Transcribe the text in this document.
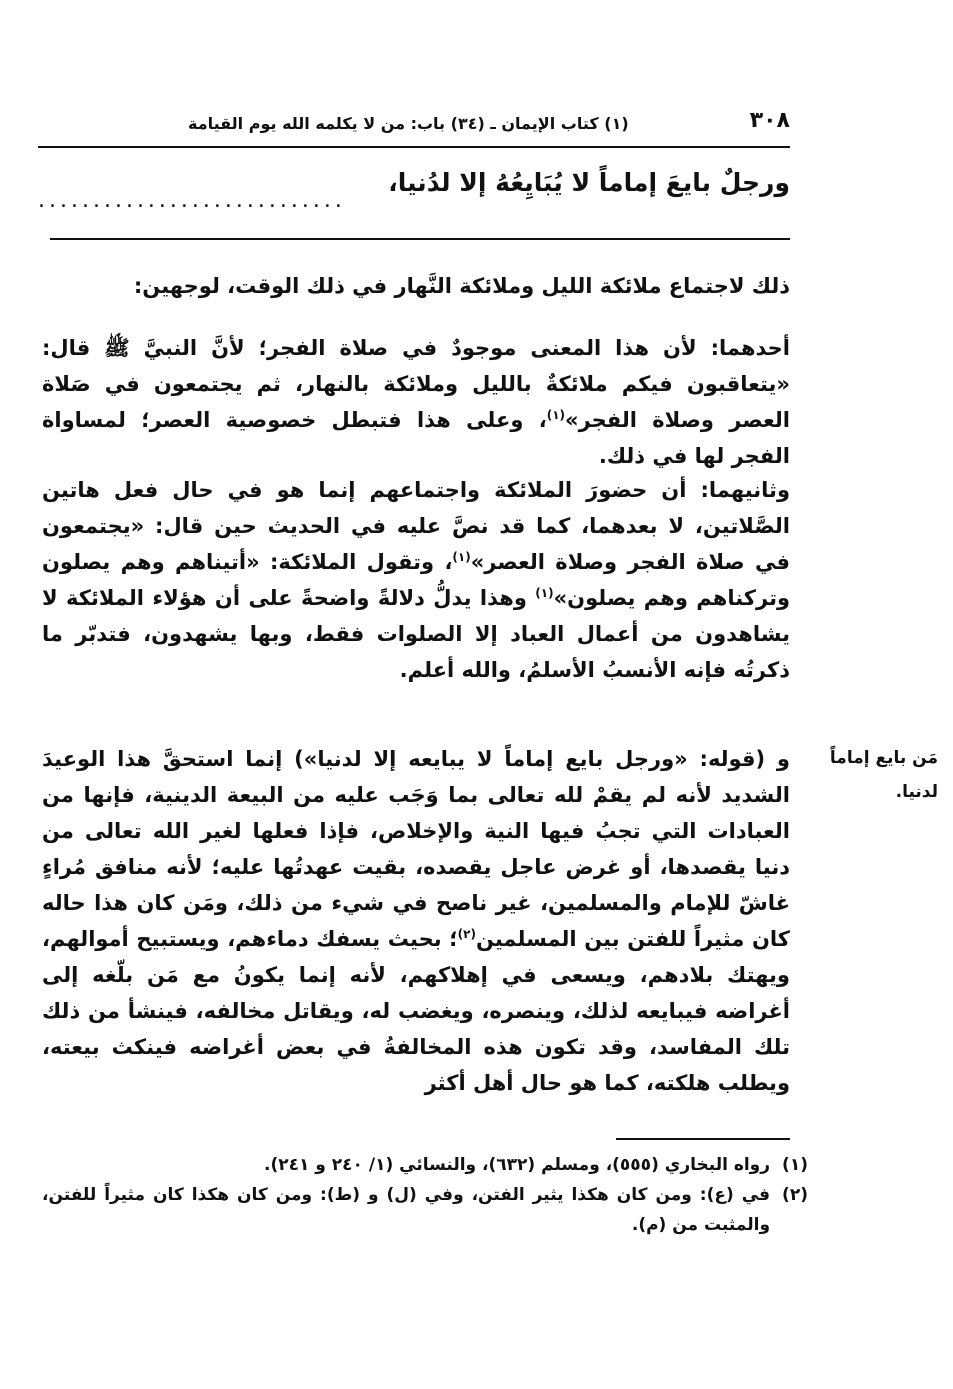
٣٠٨
(١) كتاب الإيمان ـ (٣٤) باب: من لا يكلمه الله يوم القيامة
ورجلٌ بايعَ إماماً لا يُبَايِعُهُ إلا لدُنيا،
............................
ذلك لاجتماع ملائكة الليل وملائكة النَّهار في ذلك الوقت، لوجهين:
أحدهما: لأن هذا المعنى موجودٌ في صلاة الفجر؛ لأنَّ النبيَّ ﷺ قال: «يتعاقبون فيكم ملائكةٌ بالليل وملائكة بالنهار، ثم يجتمعون في صَلاة العصر وصلاة الفجر»$^{(١)}$، وعلى هذا فتبطل خصوصية العصر؛ لمساواة الفجر لها في ذلك.
وثانيهما: أن حضورَ الملائكة واجتماعهم إنما هو في حال فعل هاتين الصَّلاتين، لا بعدهما، كما قد نصَّ عليه في الحديث حين قال: «يجتمعون في صلاة الفجر وصلاة العصر»$^{(١)}$، وتقول الملائكة: «أتيناهم وهم يصلون وتركناهم وهم يصلون»$^{(١)}$ وهذا يدلُّ دلالةً واضحةً على أن هؤلاء الملائكة لا يشاهدون من أعمال العباد إلا الصلوات فقط، وبها يشهدون، فتدبّر ما ذكرتُه فإنه الأنسبُ الأسلمُ، والله أعلم.
و (قوله: «ورجل بايع إماماً لا يبايعه إلا لدنيا») إنما استحقَّ هذا الوعيدَ الشديد لأنه لم يقمْ لله تعالى بما وَجَب عليه من البيعة الدينية، فإنها من العبادات التي تجبُ فيها النية والإخلاص، فإذا فعلها لغير الله تعالى من دنيا يقصدها، أو غرض عاجل يقصده، بقيت عهدتُها عليه؛ لأنه منافق مُراءٍ غاشّ للإمام والمسلمين، غير ناصح في شيء من ذلك، ومَن كان هذا حاله كان مثيراً للفتن بين المسلمين$^{(٢)}$؛ بحيث يسفك دماءهم، ويستبيح أموالهم، ويهتك بلادهم، ويسعى في إهلاكهم، لأنه إنما يكونُ مع مَن بلّغه إلى أغراضه فيبايعه لذلك، وينصره، ويغضب له، ويقاتل مخالفه، فينشأ من ذلك تلك المفاسد، وقد تكون هذه المخالفةُ في بعض أغراضه فينكث بيعته، ويطلب هلكته، كما هو حال أهل أكثر
مَن بايع إماماً لدنيا.
(١)
رواه البخاري (٥٥٥)، ومسلم (٦٣٢)، والنسائي (١/ ٢٤٠ و ٢٤١).
(٢)
في (ع): ومن كان هكذا يثير الفتن، وفي (ل) و (ط): ومن كان هكذا كان مثيراً للفتن، والمثبت من (م).
